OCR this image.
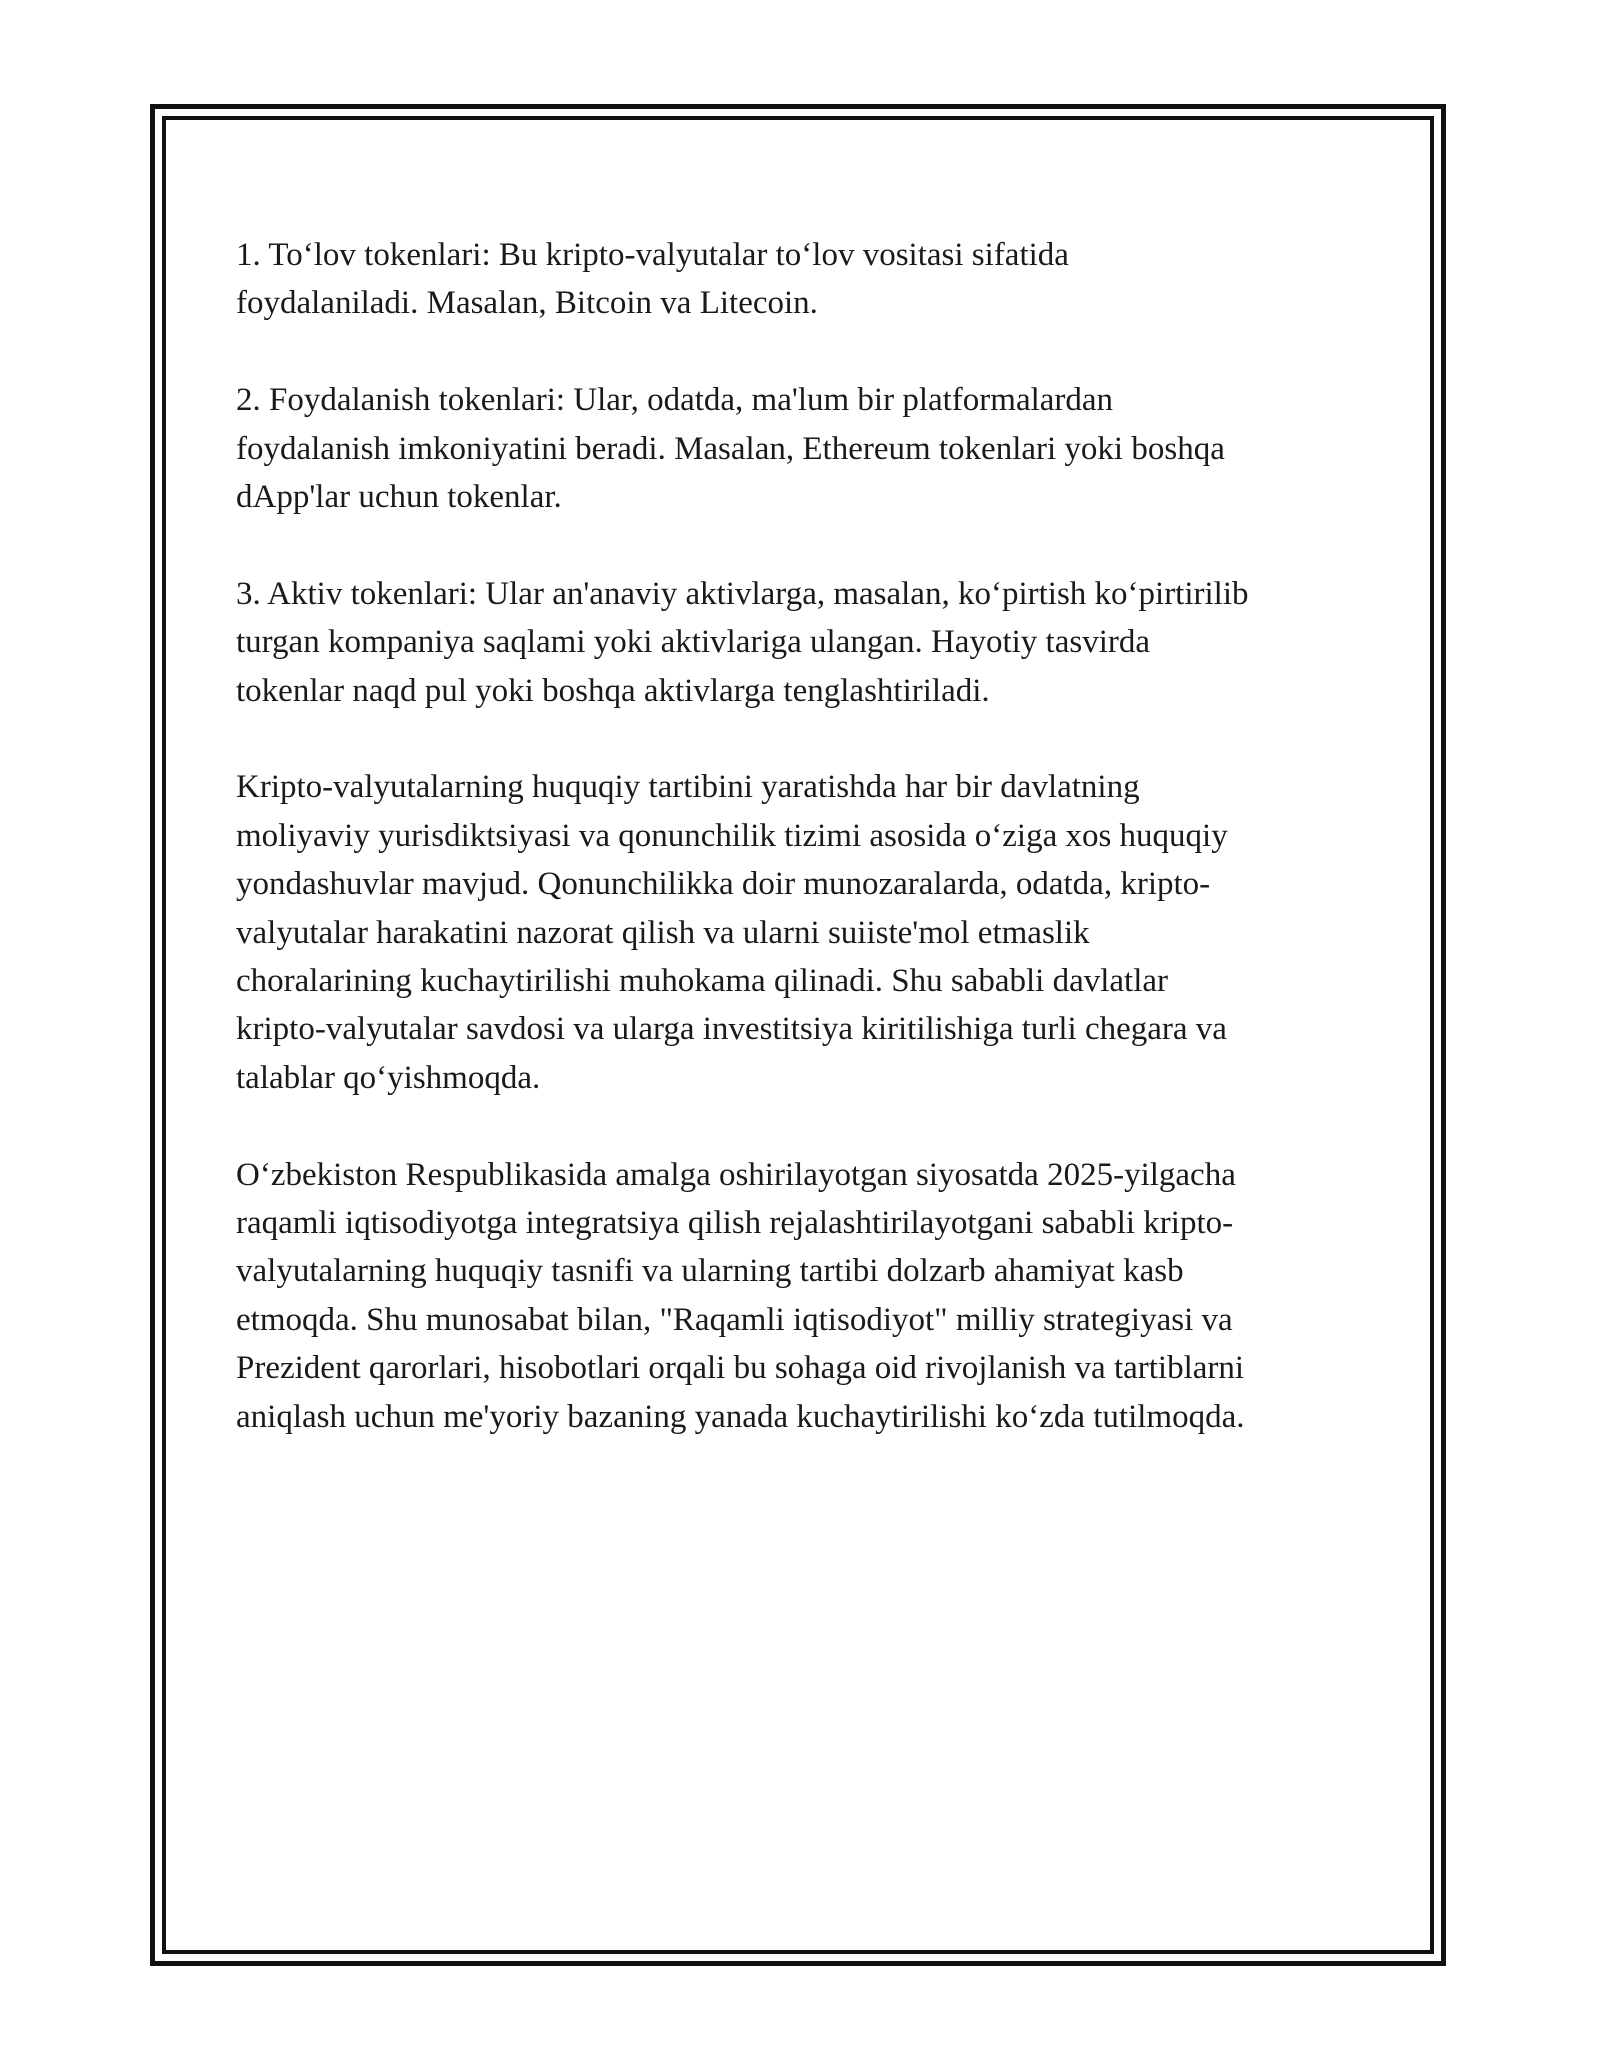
1. To‘lov tokenlari: Bu kripto-valyutalar to‘lov vositasi sifatida
foydalaniladi. Masalan, Bitcoin va Litecoin.

2. Foydalanish tokenlari: Ular, odatda, ma'lum bir platformalardan
foydalanish imkoniyatini beradi. Masalan, Ethereum tokenlari yoki boshqa
dApp'lar uchun tokenlar.

3. Aktiv tokenlari: Ular an'anaviy aktivlarga, masalan, ko‘pirtish ko‘pirtirilib
turgan kompaniya saqlami yoki aktivlariga ulangan. Hayotiy tasvirda
tokenlar naqd pul yoki boshqa aktivlarga tenglashtiriladi.

Kripto-valyutalarning huquqiy tartibini yaratishda har bir davlatning
moliyaviy yurisdiktsiyasi va qonunchilik tizimi asosida o‘ziga xos huquqiy
yondashuvlar mavjud. Qonunchilikka doir munozaralarda, odatda, kripto-
valyutalar harakatini nazorat qilish va ularni suiiste'mol etmaslik
choralarining kuchaytirilishi muhokama qilinadi. Shu sababli davlatlar
kripto-valyutalar savdosi va ularga investitsiya kiritilishiga turli chegara va
talablar qo‘yishmoqda.

O‘zbekiston Respublikasida amalga oshirilayotgan siyosatda 2025-yilgacha
raqamli iqtisodiyotga integratsiya qilish rejalashtirilayotgani sababli kripto-
valyutalarning huquqiy tasnifi va ularning tartibi dolzarb ahamiyat kasb
etmoqda. Shu munosabat bilan, "Raqamli iqtisodiyot" milliy strategiyasi va
Prezident qarorlari, hisobotlari orqali bu sohaga oid rivojlanish va tartiblarni
aniqlash uchun me'yoriy bazaning yanada kuchaytirilishi ko‘zda tutilmoqda.
